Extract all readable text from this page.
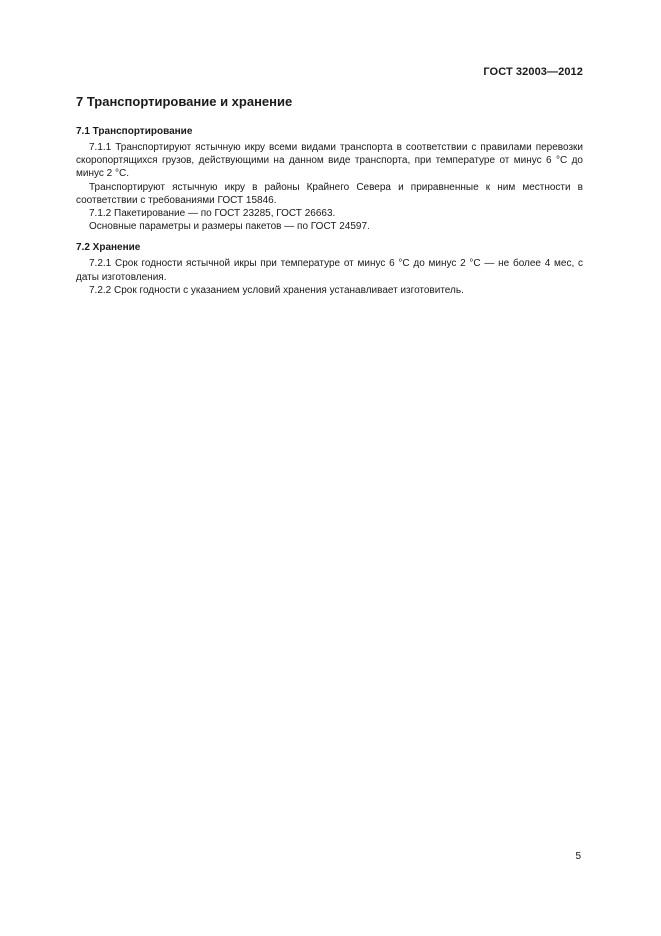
ГОСТ 32003—2012
7 Транспортирование и хранение
7.1 Транспортирование

7.1.1 Транспортируют ястычную икру всеми видами транспорта в соответствии с правилами перевозки скоропортящихся грузов, действующими на данном виде транспорта, при температуре от минус 6 °С до минус 2 °С.

Транспортируют ястычную икру в районы Крайнего Севера и приравненные к ним местности в соответствии с требованиями ГОСТ 15846.

7.1.2 Пакетирование — по ГОСТ 23285, ГОСТ 26663.

Основные параметры и размеры пакетов — по ГОСТ 24597.

7.2 Хранение

7.2.1 Срок годности ястычной икры при температуре от минус 6 °С до минус 2 °С — не более 4 мес, с даты изготовления.

7.2.2 Срок годности с указанием условий хранения устанавливает изготовитель.

5
